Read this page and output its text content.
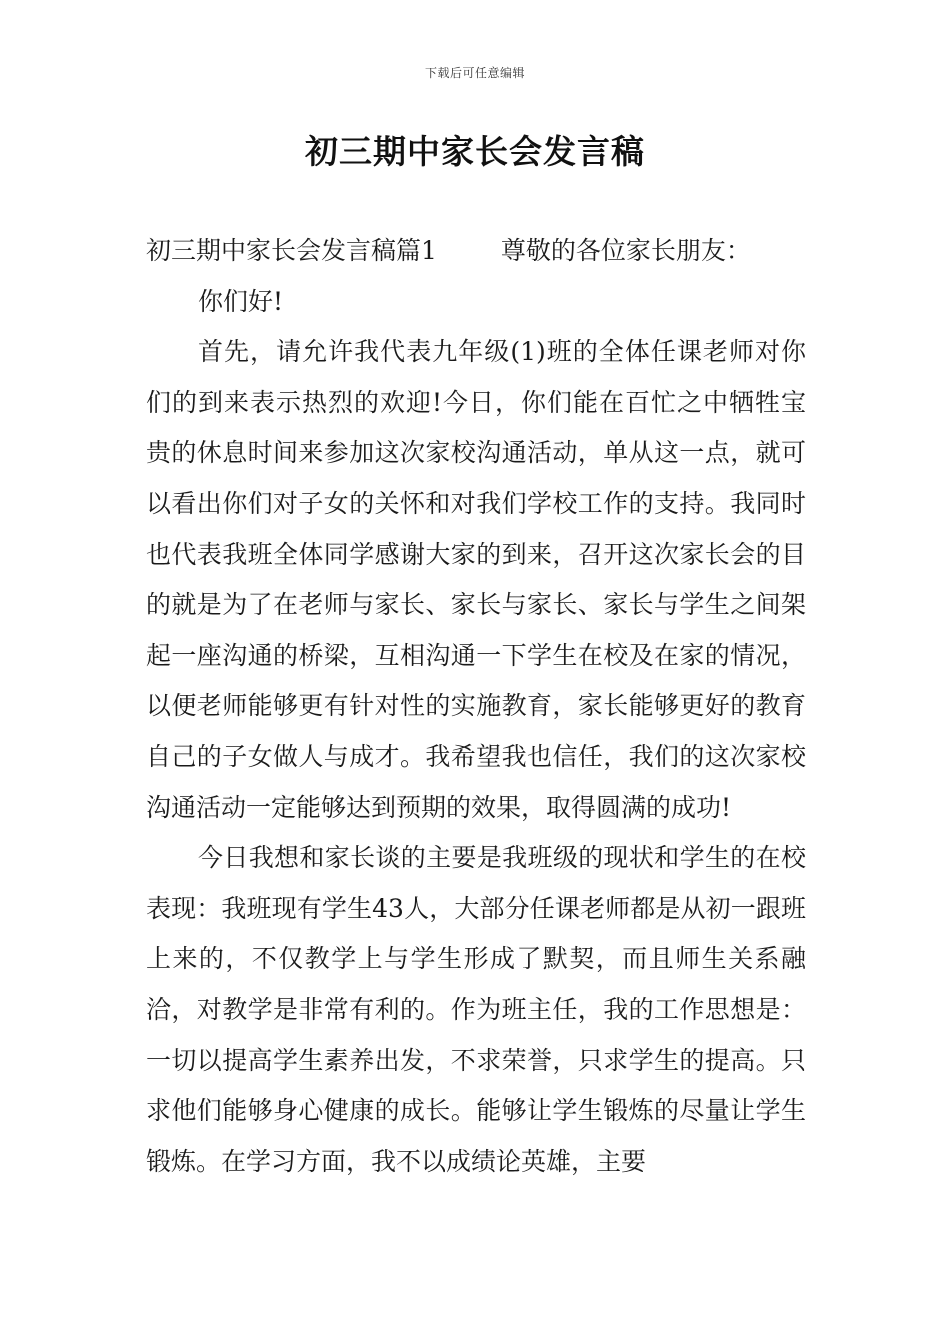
下载后可任意编辑
初三期中家长会发言稿
初三期中家长会发言稿篇1	尊敬的各位家长朋友：

你们好!

首先，请允许我代表九年级(1)班的全体任课老师对你们的到来表示热烈的欢迎!今日，你们能在百忙之中牺牲宝贵的休息时间来参加这次家校沟通活动，单从这一点，就可以看出你们对子女的关怀和对我们学校工作的支持。我同时也代表我班全体同学感谢大家的到来，召开这次家长会的目的就是为了在老师与家长、家长与家长、家长与学生之间架起一座沟通的桥梁，互相沟通一下学生在校及在家的情况，以便老师能够更有针对性的实施教育，家长能够更好的教育自己的子女做人与成才。我希望我也信任，我们的这次家校沟通活动一定能够达到预期的效果，取得圆满的成功!

今日我想和家长谈的主要是我班级的现状和学生的在校表现：我班现有学生43人，大部分任课老师都是从初一跟班上来的，不仅教学上与学生形成了默契，而且师生关系融洽，对教学是非常有利的。作为班主任，我的工作思想是：一切以提高学生素养出发，不求荣誉，只求学生的提高。只求他们能够身心健康的成长。能够让学生锻炼的尽量让学生锻炼。在学习方面，我不以成绩论英雄，主要
